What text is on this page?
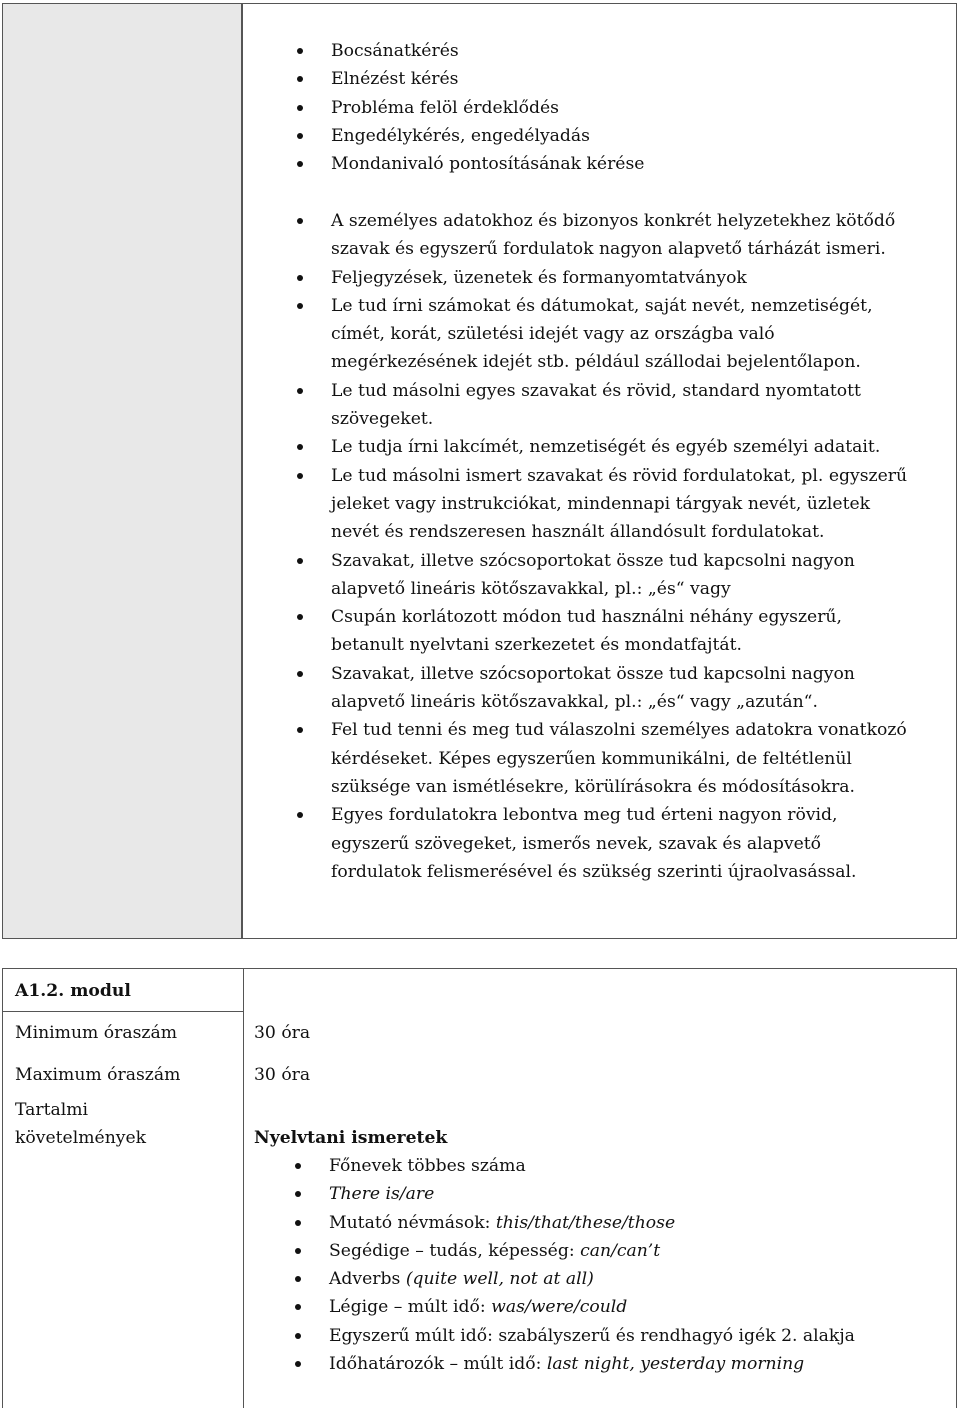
Bocsánatkérés
Elnézést kérés
Probléma felöl érdeklődés
Engedélykérés, engedélyadás
Mondanivaló pontosításának kérése
A személyes adatokhoz és bizonyos konkrét helyzetekhez kötődő szavak és egyszerű fordulatok nagyon alapvető tárházát ismeri.
Feljegyzések, üzenetek és formanyomtatványok
Le tud írni számokat és dátumokat, saját nevét, nemzetiségét, címét, korát, születési idejét vagy az országba való megérkezésének idejét stb. például szállodai bejelentőlapon.
Le tud másolni egyes szavakat és rövid, standard nyomtatott szövegeket.
Le tudja írni lakcímét, nemzetiségét és egyéb személyi adatait.
Le tud másolni ismert szavakat és rövid fordulatokat, pl. egyszerű jeleket vagy instrukciókat, mindennapi tárgyak nevét, üzletek nevét és rendszeresen használt állandósult fordulatokat.
Szavakat, illetve szócsoportokat össze tud kapcsolni nagyon alapvető lineáris kötőszavakkal, pl.: „és“ vagy
Csupán korlátozott módon tud használni néhány egyszerű, betanult nyelvtani szerkezetet és mondatfajtát.
Szavakat, illetve szócsoportokat össze tud kapcsolni nagyon alapvető lineáris kötőszavakkal, pl.: „és“ vagy „azután“.
Fel tud tenni és meg tud válaszolni személyes adatokra vonatkozó kérdéseket. Képes egyszerűen kommunikálni, de feltétlenül szüksége van ismétlésekre, körülírásokra és módosításokra.
Egyes fordulatokra lebontva meg tud érteni nagyon rövid, egyszerű szövegeket, ismerős nevek, szavak és alapvető fordulatok felismerésével és szükség szerinti újraolvasással.
A1.2. modul
Minimum óraszám	30 óra
Maximum óraszám	30 óra
Tartalmi
követelmények	Nyelvtani ismeretek
Főnevek többes száma
There is/are
Mutató névmások: this/that/these/those
Segédige – tudás, képesség: can/can’t
Adverbs (quite well, not at all)
Légige – múlt idő: was/were/could
Egyszerű múlt idő: szabályszerű és rendhagyó igék 2. alakja
Időhatározók – múlt idő: last night, yesterday morning
